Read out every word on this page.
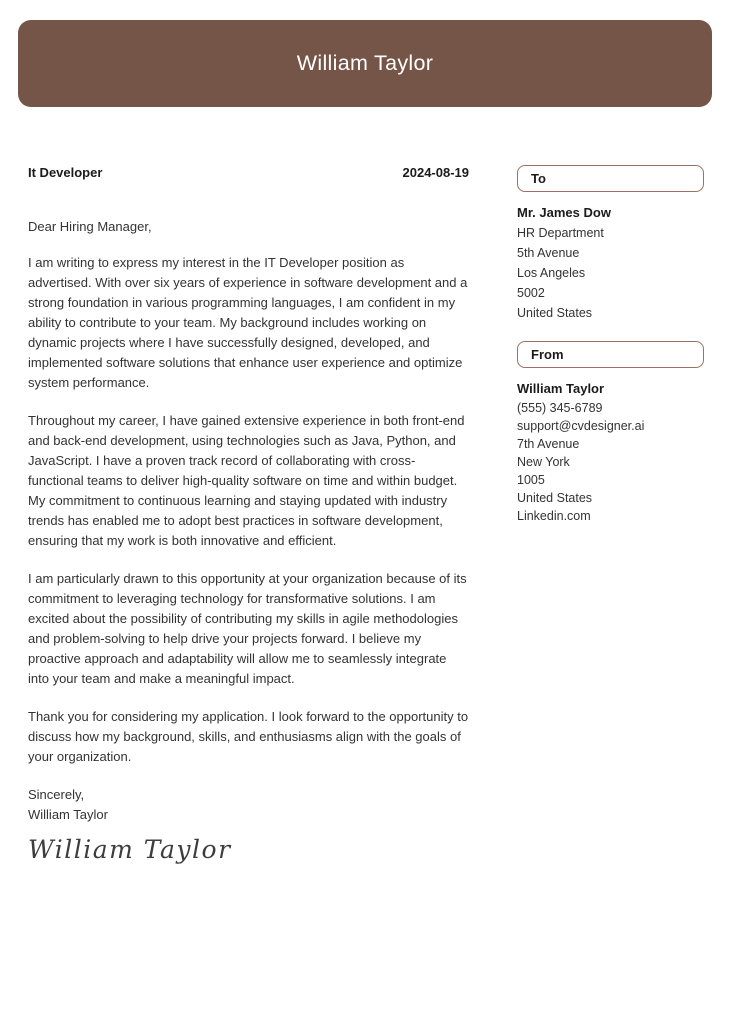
William Taylor
It Developer	2024-08-19

Dear Hiring Manager,

I am writing to express my interest in the IT Developer position as advertised. With over six years of experience in software development and a strong foundation in various programming languages, I am confident in my ability to contribute to your team. My background includes working on dynamic projects where I have successfully designed, developed, and implemented software solutions that enhance user experience and optimize system performance.

Throughout my career, I have gained extensive experience in both front-end and back-end development, using technologies such as Java, Python, and JavaScript. I have a proven track record of collaborating with cross-functional teams to deliver high-quality software on time and within budget. My commitment to continuous learning and staying updated with industry trends has enabled me to adopt best practices in software development, ensuring that my work is both innovative and efficient.

I am particularly drawn to this opportunity at your organization because of its commitment to leveraging technology for transformative solutions. I am excited about the possibility of contributing my skills in agile methodologies and problem-solving to help drive your projects forward. I believe my proactive approach and adaptability will allow me to seamlessly integrate into your team and make a meaningful impact.

Thank you for considering my application. I look forward to the opportunity to discuss how my background, skills, and enthusiasms align with the goals of your organization.

Sincerely,
William Taylor

William Taylor
To
Mr. James Dow
HR Department
5th Avenue
Los Angeles
5002
United States
From
William Taylor
(555) 345-6789
support@cvdesigner.ai
7th Avenue
New York
1005
United States
Linkedin.com
